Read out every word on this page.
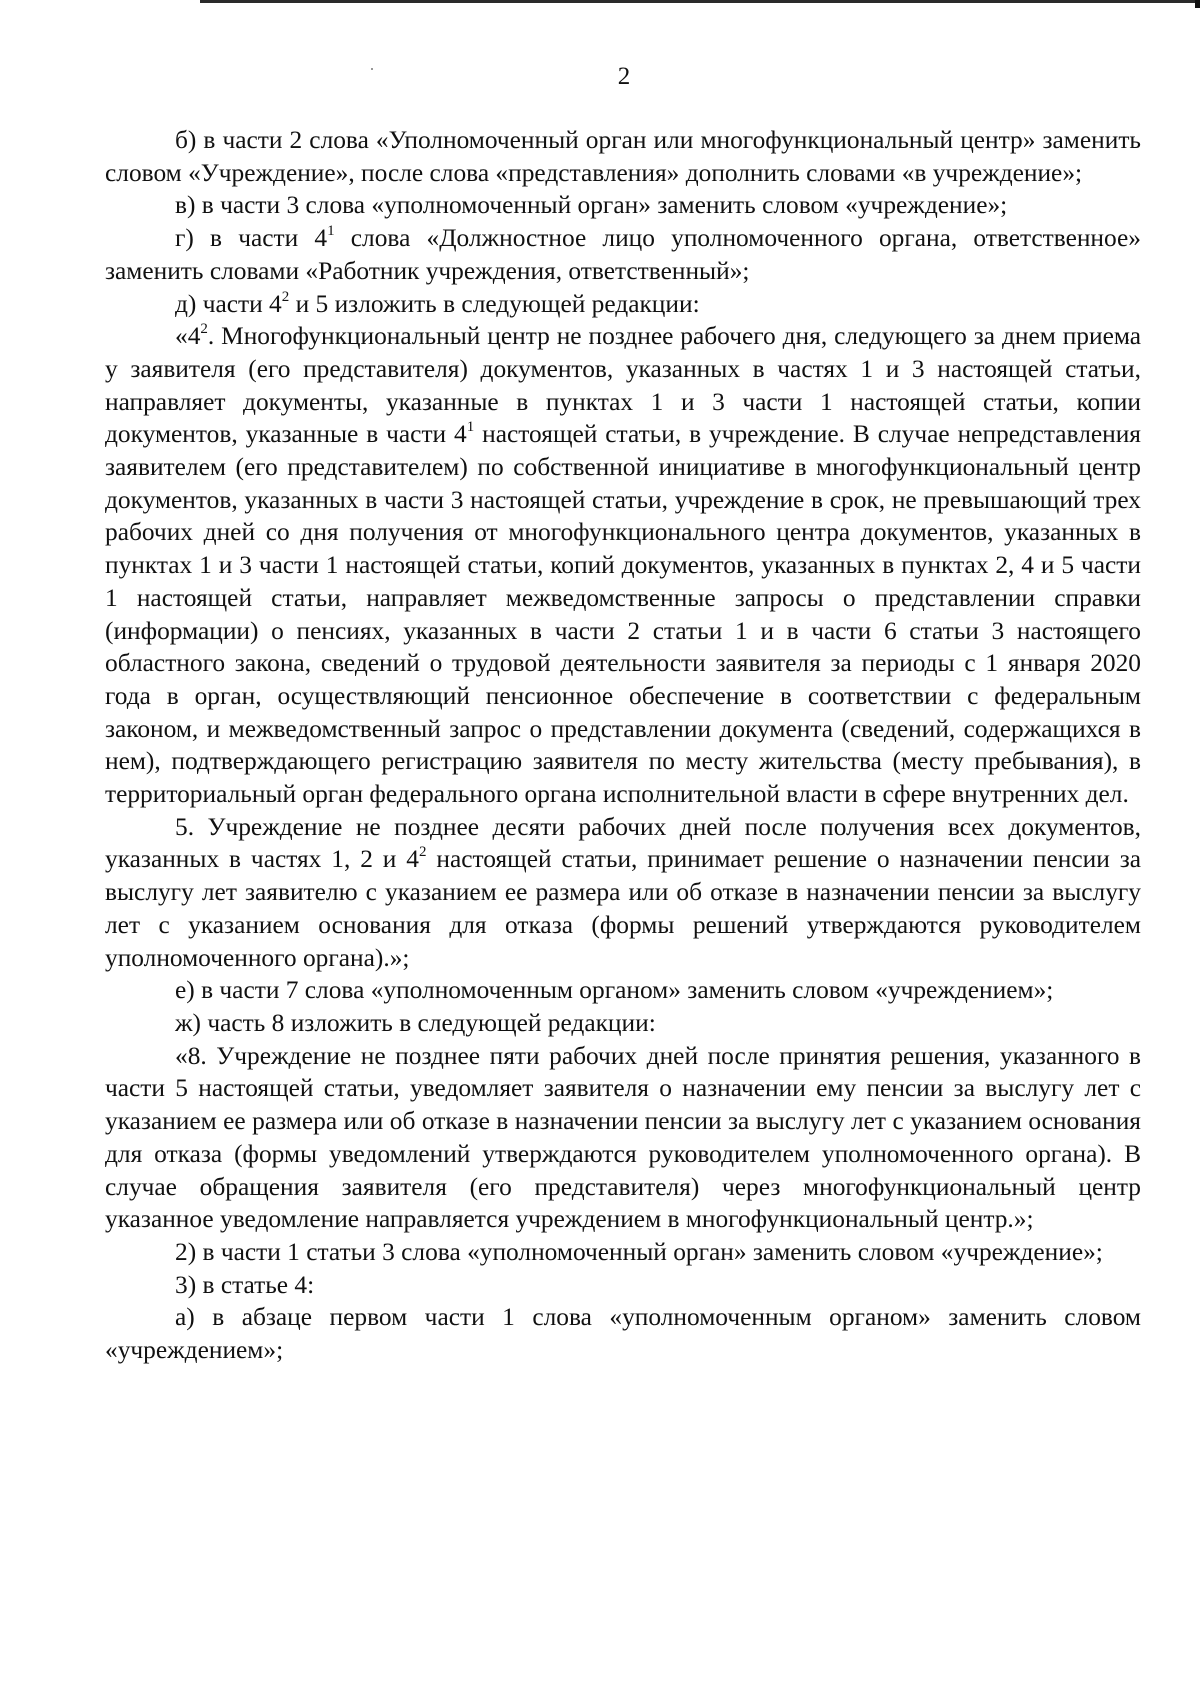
2

б) в части 2 слова «Уполномоченный орган или многофункциональный центр» заменить словом «Учреждение», после слова «представления» дополнить словами «в учреждение»;

в) в части 3 слова «уполномоченный орган» заменить словом «учреждение»;

г) в части $4^1$ слова «Должностное лицо уполномоченного органа, ответственное» заменить словами «Работник учреждения, ответственный»;

д) части $4^2$ и 5 изложить в следующей редакции:

«$4^2$. Многофункциональный центр не позднее рабочего дня, следующего за днем приема у заявителя (его представителя) документов, указанных в частях 1 и 3 настоящей статьи, направляет документы, указанные в пунктах 1 и 3 части 1 настоящей статьи, копии документов, указанные в части $4^1$ настоящей статьи, в учреждение. В случае непредставления заявителем (его представителем) по собственной инициативе в многофункциональный центр документов, указанных в части 3 настоящей статьи, учреждение в срок, не превышающий трех рабочих дней со дня получения от многофункционального центра документов, указанных в пунктах 1 и 3 части 1 настоящей статьи, копий документов, указанных в пунктах 2, 4 и 5 части 1 настоящей статьи, направляет межведомственные запросы о представлении справки (информации) о пенсиях, указанных в части 2 статьи 1 и в части 6 статьи 3 настоящего областного закона, сведений о трудовой деятельности заявителя за периоды с 1 января 2020 года в орган, осуществляющий пенсионное обеспечение в соответствии с федеральным законом, и межведомственный запрос о представлении документа (сведений, содержащихся в нем), подтверждающего регистрацию заявителя по месту жительства (месту пребывания), в территориальный орган федерального органа исполнительной власти в сфере внутренних дел.

5. Учреждение не позднее десяти рабочих дней после получения всех документов, указанных в частях 1, 2 и $4^2$ настоящей статьи, принимает решение о назначении пенсии за выслугу лет заявителю с указанием ее размера или об отказе в назначении пенсии за выслугу лет с указанием основания для отказа (формы решений утверждаются руководителем уполномоченного органа).»;

е) в части 7 слова «уполномоченным органом» заменить словом «учреждением»;

ж) часть 8 изложить в следующей редакции:

«8. Учреждение не позднее пяти рабочих дней после принятия решения, указанного в части 5 настоящей статьи, уведомляет заявителя о назначении ему пенсии за выслугу лет с указанием ее размера или об отказе в назначении пенсии за выслугу лет с указанием основания для отказа (формы уведомлений утверждаются руководителем уполномоченного органа). В случае обращения заявителя (его представителя) через многофункциональный центр указанное уведомление направляется учреждением в многофункциональный центр.»;

2) в части 1 статьи 3 слова «уполномоченный орган» заменить словом «учреждение»;

3) в статье 4:

а) в абзаце первом части 1 слова «уполномоченным органом» заменить словом «учреждением»;
